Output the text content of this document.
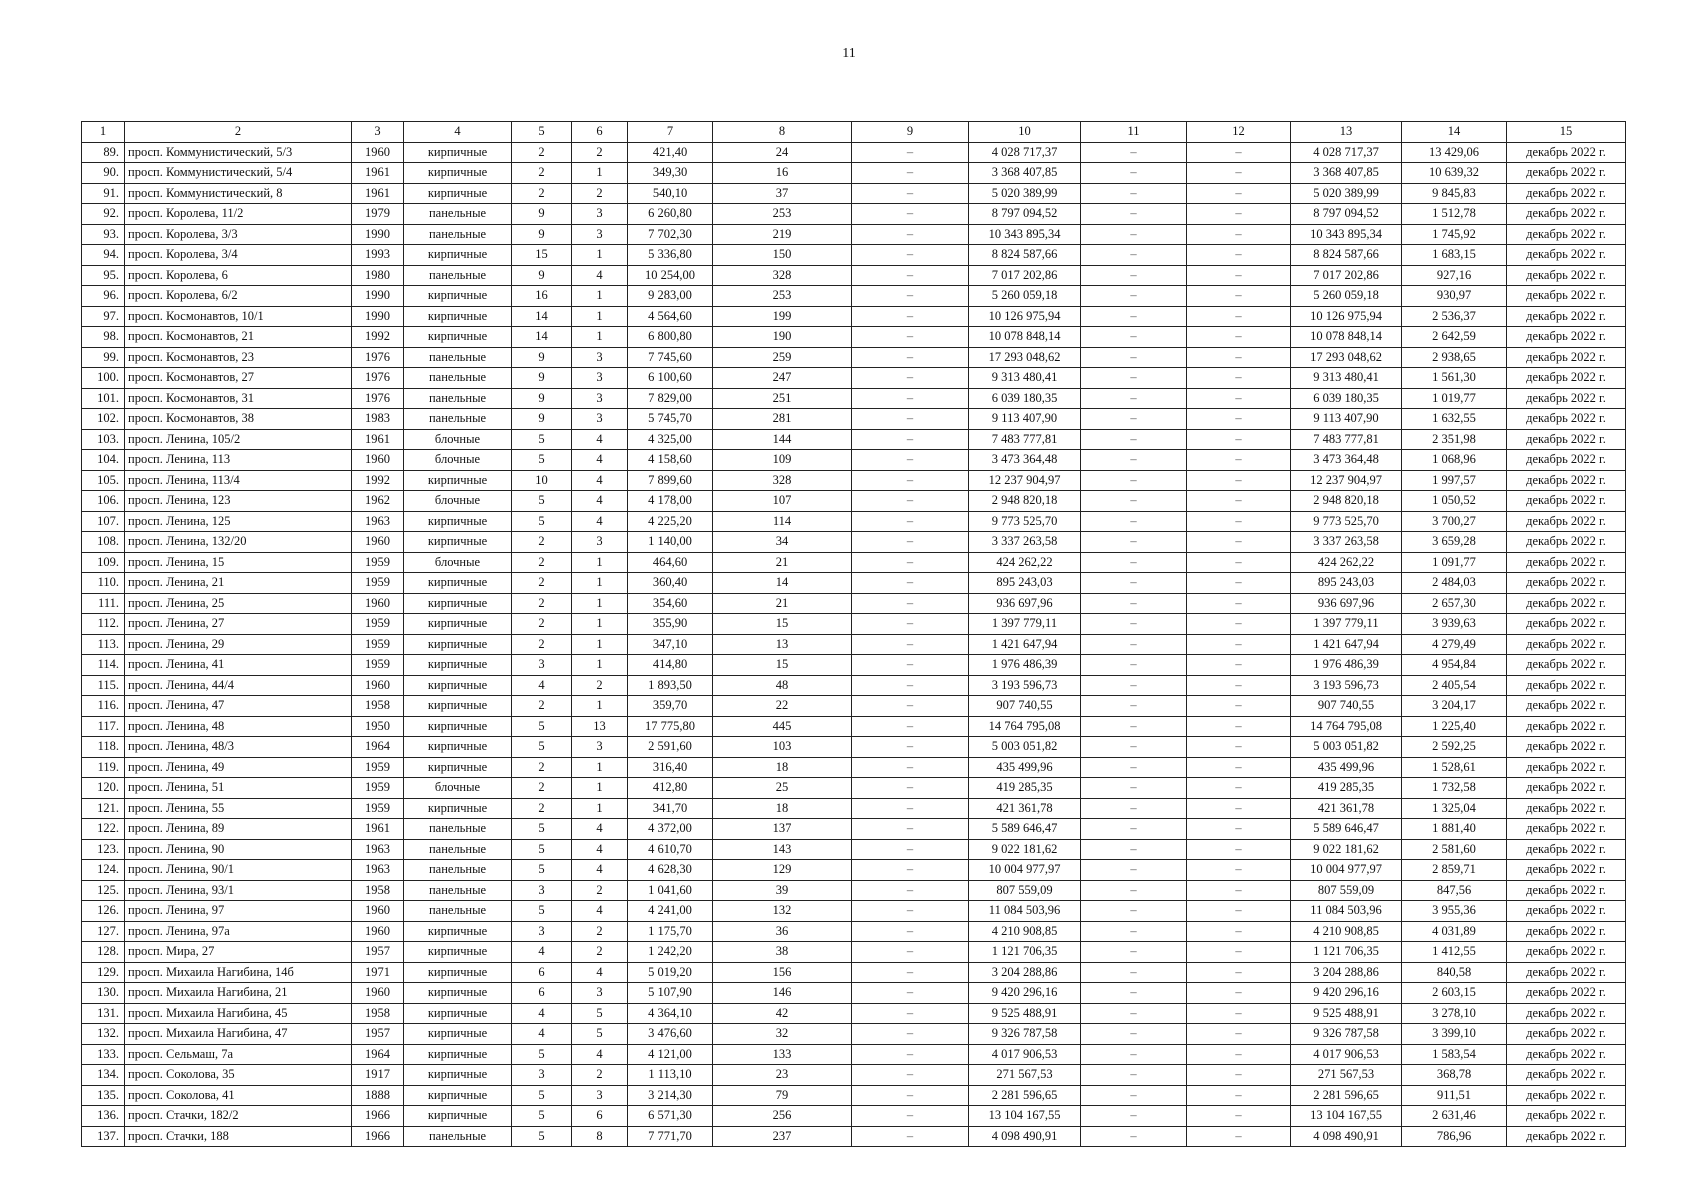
11
1	2	3	4	5	6	7	8	9	10	11	12	13	14	15
89.	просп. Коммунистический, 5/3	1960	кирпичные	2	2	421,40	24	–	4 028 717,37	–	–	4 028 717,37	13 429,06	декабрь 2022 г.
90.	просп. Коммунистический, 5/4	1961	кирпичные	2	1	349,30	16	–	3 368 407,85	–	–	3 368 407,85	10 639,32	декабрь 2022 г.
91.	просп. Коммунистический, 8	1961	кирпичные	2	2	540,10	37	–	5 020 389,99	–	–	5 020 389,99	9 845,83	декабрь 2022 г.
92.	просп. Королева, 11/2	1979	панельные	9	3	6 260,80	253	–	8 797 094,52	–	–	8 797 094,52	1 512,78	декабрь 2022 г.
93.	просп. Королева, 3/3	1990	панельные	9	3	7 702,30	219	–	10 343 895,34	–	–	10 343 895,34	1 745,92	декабрь 2022 г.
94.	просп. Королева, 3/4	1993	кирпичные	15	1	5 336,80	150	–	8 824 587,66	–	–	8 824 587,66	1 683,15	декабрь 2022 г.
95.	просп. Королева, 6	1980	панельные	9	4	10 254,00	328	–	7 017 202,86	–	–	7 017 202,86	927,16	декабрь 2022 г.
96.	просп. Королева, 6/2	1990	кирпичные	16	1	9 283,00	253	–	5 260 059,18	–	–	5 260 059,18	930,97	декабрь 2022 г.
97.	просп. Космонавтов, 10/1	1990	кирпичные	14	1	4 564,60	199	–	10 126 975,94	–	–	10 126 975,94	2 536,37	декабрь 2022 г.
98.	просп. Космонавтов, 21	1992	кирпичные	14	1	6 800,80	190	–	10 078 848,14	–	–	10 078 848,14	2 642,59	декабрь 2022 г.
99.	просп. Космонавтов, 23	1976	панельные	9	3	7 745,60	259	–	17 293 048,62	–	–	17 293 048,62	2 938,65	декабрь 2022 г.
100.	просп. Космонавтов, 27	1976	панельные	9	3	6 100,60	247	–	9 313 480,41	–	–	9 313 480,41	1 561,30	декабрь 2022 г.
101.	просп. Космонавтов, 31	1976	панельные	9	3	7 829,00	251	–	6 039 180,35	–	–	6 039 180,35	1 019,77	декабрь 2022 г.
102.	просп. Космонавтов, 38	1983	панельные	9	3	5 745,70	281	–	9 113 407,90	–	–	9 113 407,90	1 632,55	декабрь 2022 г.
103.	просп. Ленина, 105/2	1961	блочные	5	4	4 325,00	144	–	7 483 777,81	–	–	7 483 777,81	2 351,98	декабрь 2022 г.
104.	просп. Ленина, 113	1960	блочные	5	4	4 158,60	109	–	3 473 364,48	–	–	3 473 364,48	1 068,96	декабрь 2022 г.
105.	просп. Ленина, 113/4	1992	кирпичные	10	4	7 899,60	328	–	12 237 904,97	–	–	12 237 904,97	1 997,57	декабрь 2022 г.
106.	просп. Ленина, 123	1962	блочные	5	4	4 178,00	107	–	2 948 820,18	–	–	2 948 820,18	1 050,52	декабрь 2022 г.
107.	просп. Ленина, 125	1963	кирпичные	5	4	4 225,20	114	–	9 773 525,70	–	–	9 773 525,70	3 700,27	декабрь 2022 г.
108.	просп. Ленина, 132/20	1960	кирпичные	2	3	1 140,00	34	–	3 337 263,58	–	–	3 337 263,58	3 659,28	декабрь 2022 г.
109.	просп. Ленина, 15	1959	блочные	2	1	464,60	21	–	424 262,22	–	–	424 262,22	1 091,77	декабрь 2022 г.
110.	просп. Ленина, 21	1959	кирпичные	2	1	360,40	14	–	895 243,03	–	–	895 243,03	2 484,03	декабрь 2022 г.
111.	просп. Ленина, 25	1960	кирпичные	2	1	354,60	21	–	936 697,96	–	–	936 697,96	2 657,30	декабрь 2022 г.
112.	просп. Ленина, 27	1959	кирпичные	2	1	355,90	15	–	1 397 779,11	–	–	1 397 779,11	3 939,63	декабрь 2022 г.
113.	просп. Ленина, 29	1959	кирпичные	2	1	347,10	13	–	1 421 647,94	–	–	1 421 647,94	4 279,49	декабрь 2022 г.
114.	просп. Ленина, 41	1959	кирпичные	3	1	414,80	15	–	1 976 486,39	–	–	1 976 486,39	4 954,84	декабрь 2022 г.
115.	просп. Ленина, 44/4	1960	кирпичные	4	2	1 893,50	48	–	3 193 596,73	–	–	3 193 596,73	2 405,54	декабрь 2022 г.
116.	просп. Ленина, 47	1958	кирпичные	2	1	359,70	22	–	907 740,55	–	–	907 740,55	3 204,17	декабрь 2022 г.
117.	просп. Ленина, 48	1950	кирпичные	5	13	17 775,80	445	–	14 764 795,08	–	–	14 764 795,08	1 225,40	декабрь 2022 г.
118.	просп. Ленина, 48/3	1964	кирпичные	5	3	2 591,60	103	–	5 003 051,82	–	–	5 003 051,82	2 592,25	декабрь 2022 г.
119.	просп. Ленина, 49	1959	кирпичные	2	1	316,40	18	–	435 499,96	–	–	435 499,96	1 528,61	декабрь 2022 г.
120.	просп. Ленина, 51	1959	блочные	2	1	412,80	25	–	419 285,35	–	–	419 285,35	1 732,58	декабрь 2022 г.
121.	просп. Ленина, 55	1959	кирпичные	2	1	341,70	18	–	421 361,78	–	–	421 361,78	1 325,04	декабрь 2022 г.
122.	просп. Ленина, 89	1961	панельные	5	4	4 372,00	137	–	5 589 646,47	–	–	5 589 646,47	1 881,40	декабрь 2022 г.
123.	просп. Ленина, 90	1963	панельные	5	4	4 610,70	143	–	9 022 181,62	–	–	9 022 181,62	2 581,60	декабрь 2022 г.
124.	просп. Ленина, 90/1	1963	панельные	5	4	4 628,30	129	–	10 004 977,97	–	–	10 004 977,97	2 859,71	декабрь 2022 г.
125.	просп. Ленина, 93/1	1958	панельные	3	2	1 041,60	39	–	807 559,09	–	–	807 559,09	847,56	декабрь 2022 г.
126.	просп. Ленина, 97	1960	панельные	5	4	4 241,00	132	–	11 084 503,96	–	–	11 084 503,96	3 955,36	декабрь 2022 г.
127.	просп. Ленина, 97а	1960	кирпичные	3	2	1 175,70	36	–	4 210 908,85	–	–	4 210 908,85	4 031,89	декабрь 2022 г.
128.	просп. Мира, 27	1957	кирпичные	4	2	1 242,20	38	–	1 121 706,35	–	–	1 121 706,35	1 412,55	декабрь 2022 г.
129.	просп. Михаила Нагибина, 14б	1971	кирпичные	6	4	5 019,20	156	–	3 204 288,86	–	–	3 204 288,86	840,58	декабрь 2022 г.
130.	просп. Михаила Нагибина, 21	1960	кирпичные	6	3	5 107,90	146	–	9 420 296,16	–	–	9 420 296,16	2 603,15	декабрь 2022 г.
131.	просп. Михаила Нагибина, 45	1958	кирпичные	4	5	4 364,10	42	–	9 525 488,91	–	–	9 525 488,91	3 278,10	декабрь 2022 г.
132.	просп. Михаила Нагибина, 47	1957	кирпичные	4	5	3 476,60	32	–	9 326 787,58	–	–	9 326 787,58	3 399,10	декабрь 2022 г.
133.	просп. Сельмаш, 7а	1964	кирпичные	5	4	4 121,00	133	–	4 017 906,53	–	–	4 017 906,53	1 583,54	декабрь 2022 г.
134.	просп. Соколова, 35	1917	кирпичные	3	2	1 113,10	23	–	271 567,53	–	–	271 567,53	368,78	декабрь 2022 г.
135.	просп. Соколова, 41	1888	кирпичные	5	3	3 214,30	79	–	2 281 596,65	–	–	2 281 596,65	911,51	декабрь 2022 г.
136.	просп. Стачки, 182/2	1966	кирпичные	5	6	6 571,30	256	–	13 104 167,55	–	–	13 104 167,55	2 631,46	декабрь 2022 г.
137.	просп. Стачки, 188	1966	панельные	5	8	7 771,70	237	–	4 098 490,91	–	–	4 098 490,91	786,96	декабрь 2022 г.
